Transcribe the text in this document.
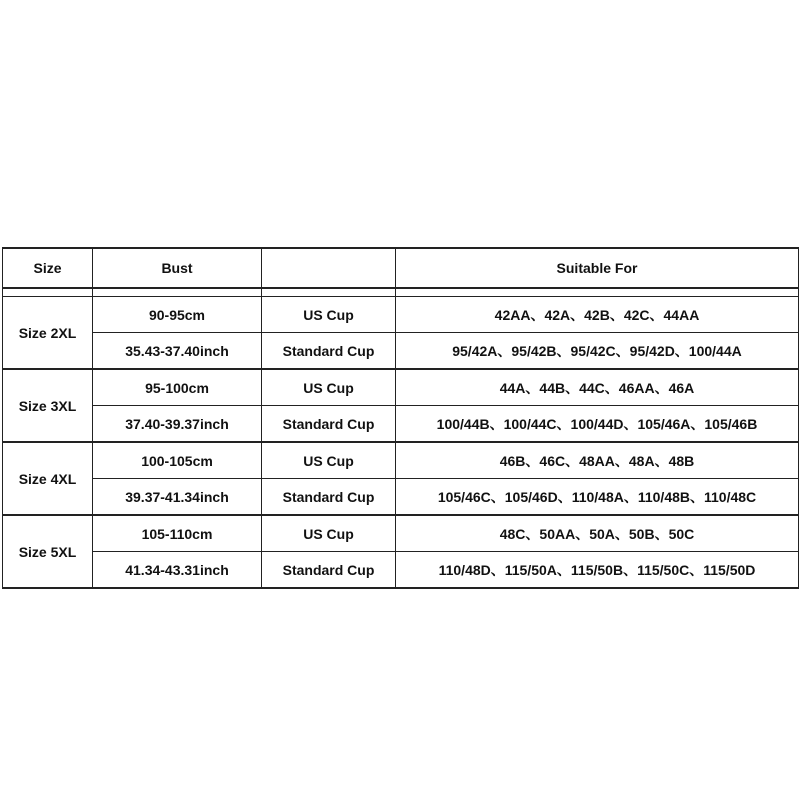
Size	Bust		Suitable For

Size 2XL	90-95cm	US Cup	42AA、42A、42B、42C、44AA
	35.43-37.40inch	Standard Cup	95/42A、95/42B、95/42C、95/42D、100/44A
Size 3XL	95-100cm	US Cup	44A、44B、44C、46AA、46A
	37.40-39.37inch	Standard Cup	100/44B、100/44C、100/44D、105/46A、105/46B
Size 4XL	100-105cm	US Cup	46B、46C、48AA、48A、48B
	39.37-41.34inch	Standard Cup	105/46C、105/46D、110/48A、110/48B、110/48C
Size 5XL	105-110cm	US Cup	48C、50AA、50A、50B、50C
	41.34-43.31inch	Standard Cup	110/48D、115/50A、115/50B、115/50C、115/50D
